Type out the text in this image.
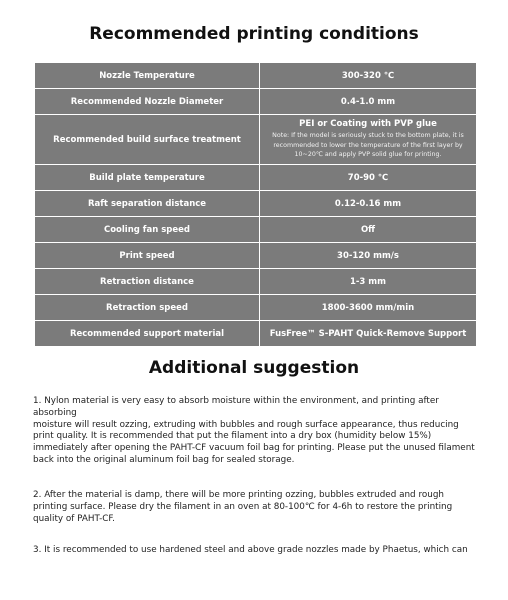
Recommended printing conditions
Nozzle Temperature	300-320 ℃
Recommended Nozzle Diameter	0.4-1.0 mm
Recommended build surface treatment	PEI or Coating with PVP glue
Note: If the model is seriously stuck to the bottom plate, it is recommended to lower the temperature of the first layer by 10~20℃ and apply PVP solid glue for printing.

Build plate temperature	70-90 ℃
Raft separation distance	0.12-0.16 mm
Cooling fan speed	Off
Print speed	30-120 mm/s
Retraction distance	1-3 mm
Retraction speed	1800-3600 mm/min
Recommended support material	FusFree™ S-PAHT Quick-Remove Support
Additional suggestion
1. Nylon material is very easy to absorb moisture within the environment, and printing after absorbing
moisture will result ozzing, extruding with bubbles and rough surface appearance, thus reducing print quality. It is recommended that put the filament into a dry box (humidity below 15%) immediately after opening the PAHT-CF vacuum foil bag for printing. Please put the unused filament back into the original aluminum foil bag for sealed storage.
2. After the material is damp, there will be more printing ozzing, bubbles extruded and rough printing surface. Please dry the filament in an oven at 80-100℃ for 4-6h to restore the printing quality of PAHT-CF.
3. It is recommended to use hardened steel and above grade nozzles made by Phaetus, which can
